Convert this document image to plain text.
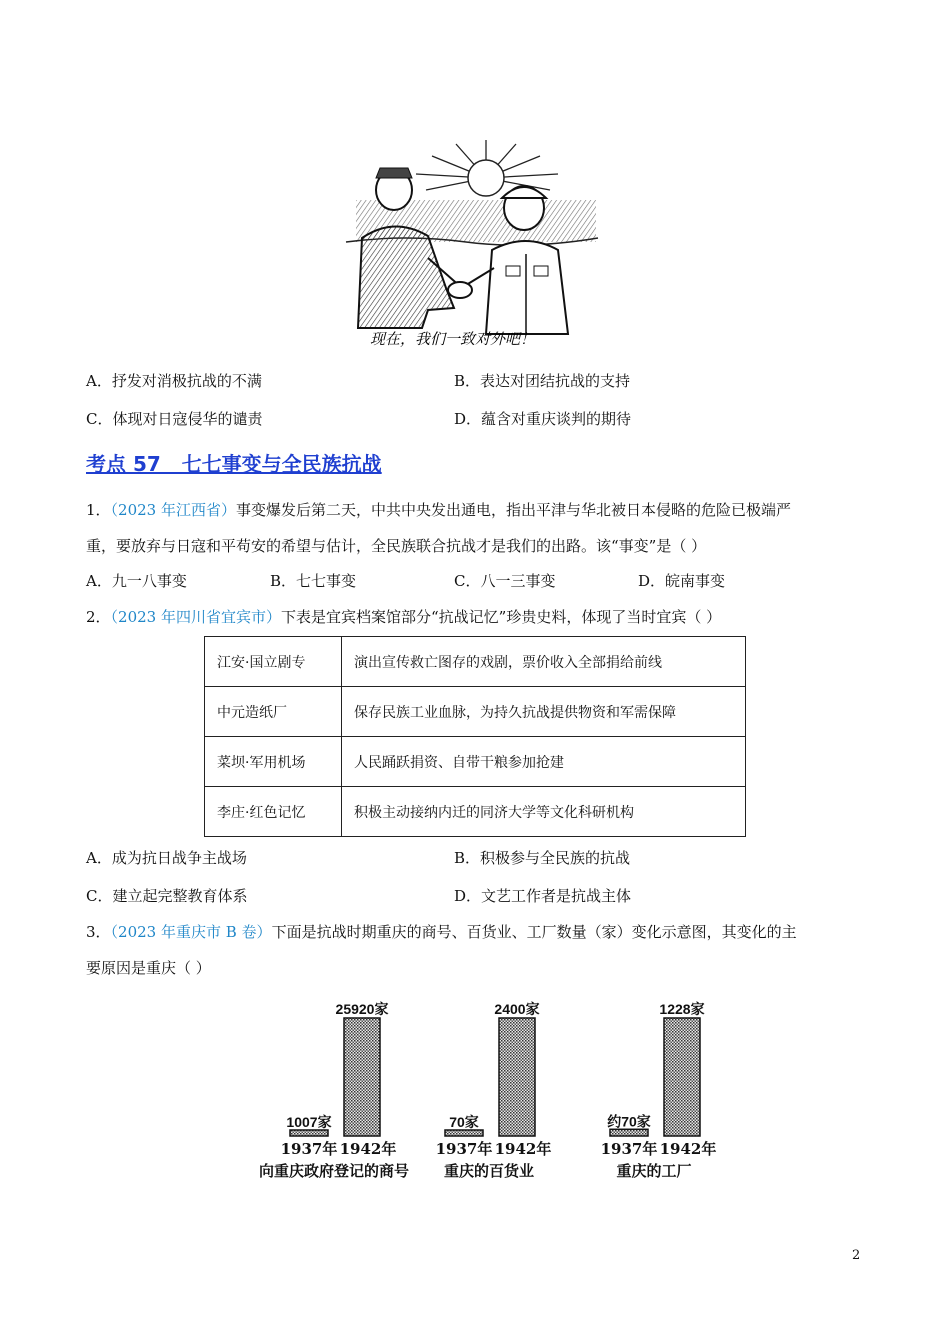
现在，我们一致对外吧！
A．抒发对消极抗战的不满	B．表达对团结抗战的支持
C．体现对日寇侵华的谴责	D．蕴含对重庆谈判的期待
考点 57   七七事变与全民族抗战
1．（2023 年江西省）事变爆发后第二天，中共中央发出通电，指出平津与华北被日本侵略的危险已极端严
重，要放弃与日寇和平苟安的希望与估计，全民族联合抗战才是我们的出路。该“事变”是（ ）
A．九一八事变	B．七七事变	C．八一三事变	D．皖南事变
2．（2023 年四川省宜宾市）下表是宜宾档案馆部分“抗战记忆”珍贵史料，体现了当时宜宾（ ）
江安·国立剧专	演出宣传救亡图存的戏剧，票价收入全部捐给前线
中元造纸厂	保存民族工业血脉，为持久抗战提供物资和军需保障
菜坝·军用机场	人民踊跃捐资、自带干粮参加抢建
李庄·红色记忆	积极主动接纳内迁的同济大学等文化科研机构
A．成为抗日战争主战场	B．积极参与全民族的抗战
C．建立起完整教育体系	D．文艺工作者是抗战主体
3．（2023 年重庆市 B 卷）下面是抗战时期重庆的商号、百货业、工厂数量（家）变化示意图，其变化的主
要原因是重庆（ ）
1007家
25920家
1937年 1942年
向重庆政府登记的商号
70家
2400家
1937年 1942年
重庆的百货业
约70家
1228家
1937年 1942年
重庆的工厂
2
